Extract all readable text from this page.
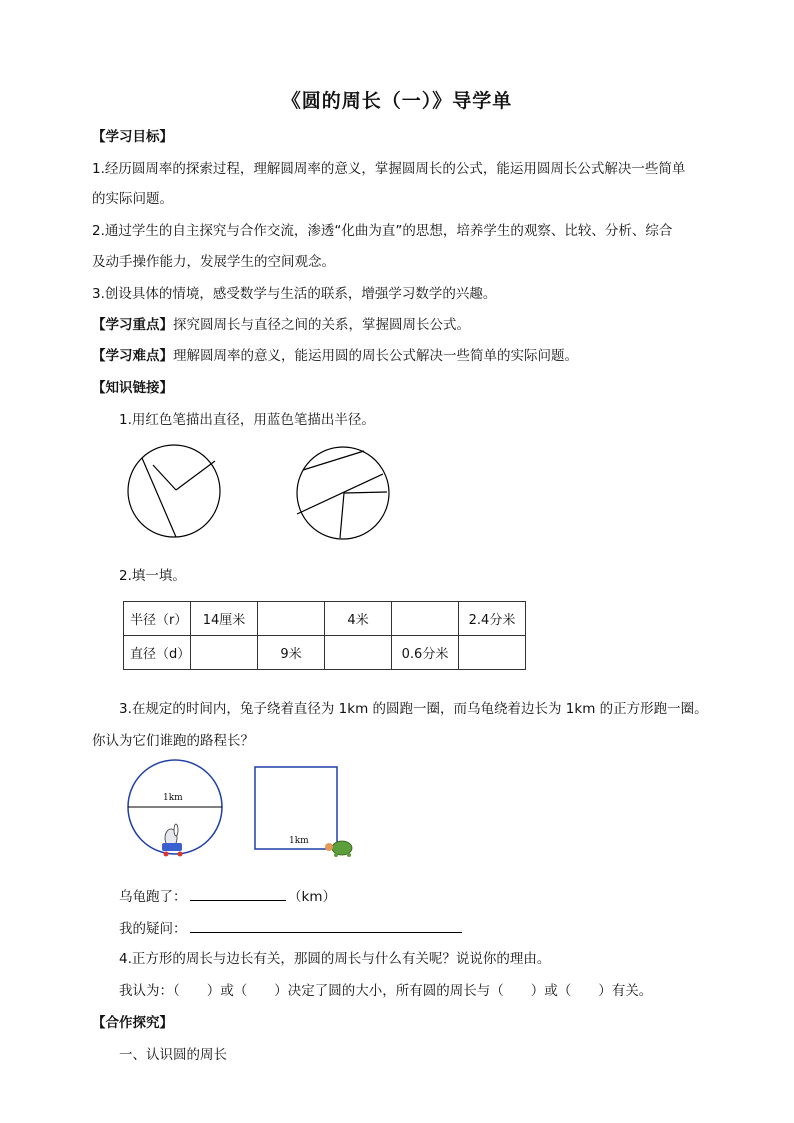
《圆的周长（一）》导学单
【学习目标】
1.经历圆周率的探索过程，理解圆周率的意义，掌握圆周长的公式，能运用圆周长公式解决一些简单
的实际问题。
2.通过学生的自主探究与合作交流，渗透“化曲为直”的思想，培养学生的观察、比较、分析、综合
及动手操作能力，发展学生的空间观念。
3.创设具体的情境，感受数学与生活的联系，增强学习数学的兴趣。
【学习重点】探究圆周长与直径之间的关系，掌握圆周长公式。
【学习难点】理解圆周率的意义，能运用圆的周长公式解决一些简单的实际问题。
【知识链接】
1.用红色笔描出直径，用蓝色笔描出半径。
2.填一填。
半径（r）	14厘米		4米		2.4分米
直径（d）		9米		0.6分米	
3.在规定的时间内，兔子绕着直径为 1km 的圆跑一圈，而乌龟绕着边长为 1km 的正方形跑一圈。
你认为它们谁跑的路程长？
1km
1km
乌龟跑了：	（km）
我的疑问：
4.正方形的周长与边长有关，那圆的周长与什么有关呢？说说你的理由。
我认为：（　　）或（　　）决定了圆的大小，所有圆的周长与（　　）或（　　）有关。
【合作探究】
一、认识圆的周长
